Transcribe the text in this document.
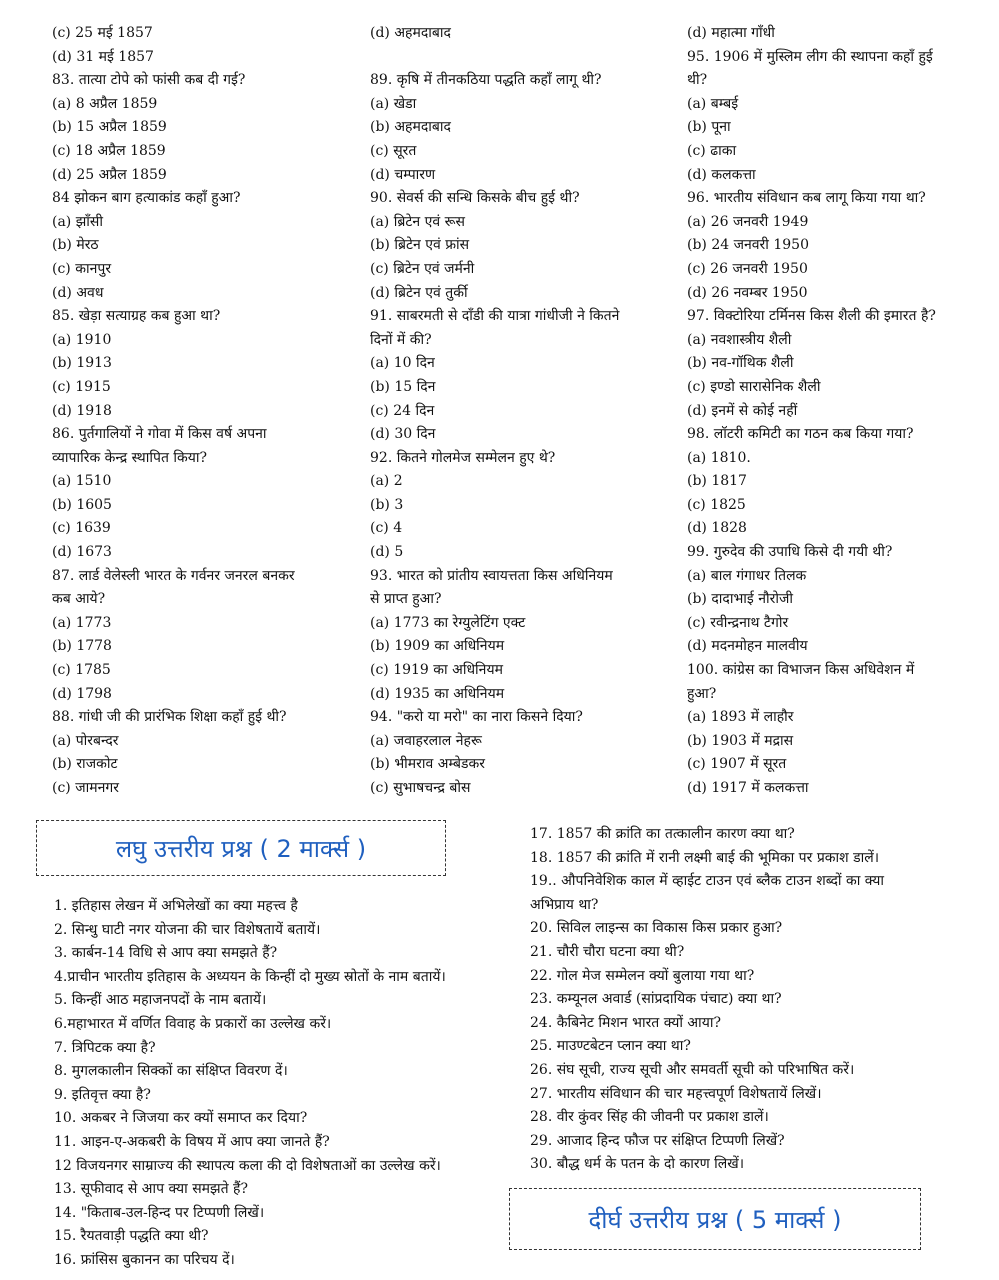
(c) 25 मई 1857
(d) 31 मई 1857
83. तात्या टोपे को फांसी कब दी गई?
(a) 8 अप्रैल 1859
(b) 15 अप्रैल 1859
(c) 18 अप्रैल 1859
(d) 25 अप्रैल 1859
84 झोकन बाग हत्याकांड कहाँ हुआ?
(a) झाँसी
(b) मेरठ
(c) कानपुर
(d) अवध
85. खेड़ा सत्याग्रह कब हुआ था?
(a) 1910
(b) 1913
(c) 1915
(d) 1918
86. पुर्तगालियों ने गोवा में किस वर्ष अपना
व्यापारिक केन्द्र स्थापित किया?
(a) 1510
(b) 1605
(c) 1639
(d) 1673
87. लार्ड वेलेस्ली भारत के गर्वनर जनरल बनकर
कब आये?
(a) 1773
(b) 1778
(c) 1785
(d) 1798
88. गांधी जी की प्रारंभिक शिक्षा कहाँ हुई थी?
(a) पोरबन्दर
(b) राजकोट
(c) जामनगर
(d) अहमदाबाद

89. कृषि में तीनकठिया पद्धति कहाँ लागू थी?
(a) खेडा
(b) अहमदाबाद
(c) सूरत
(d) चम्पारण
90. सेवर्स की सन्धि किसके बीच हुई थी?
(a) ब्रिटेन एवं रूस
(b) ब्रिटेन एवं फ्रांस
(c) ब्रिटेन एवं जर्मनी
(d) ब्रिटेन एवं तुर्की
91. साबरमती से दाँडी की यात्रा गांधीजी ने कितने
दिनों में की?
(a) 10 दिन
(b) 15 दिन
(c) 24 दिन
(d) 30 दिन
92. कितने गोलमेज सम्मेलन हुए थे?
(a) 2
(b) 3
(c) 4
(d) 5
93. भारत को प्रांतीय स्वायत्तता किस अधिनियम
से प्राप्त हुआ?
(a) 1773 का रेग्युलेटिंग एक्ट
(b) 1909 का अधिनियम
(c) 1919 का अधिनियम
(d) 1935 का अधिनियम
94. "करो या मरो" का नारा किसने दिया?
(a) जवाहरलाल नेहरू
(b) भीमराव अम्बेडकर
(c) सुभाषचन्द्र बोस
(d) महात्मा गाँधी
95. 1906 में मुस्लिम लीग की स्थापना कहाँ हुई
थी?
(a) बम्बई
(b) पूना
(c) ढाका
(d) कलकत्ता
96. भारतीय संविधान कब लागू किया गया था?
(a) 26 जनवरी 1949
(b) 24 जनवरी 1950
(c) 26 जनवरी 1950
(d) 26 नवम्बर 1950
97. विक्टोरिया टर्मिनस किस शैली की इमारत है?
(a) नवशास्त्रीय शैली
(b) नव-गॉथिक शैली
(c) इण्डो सारासेनिक शैली
(d) इनमें से कोई नहीं
98. लॉटरी कमिटी का गठन कब किया गया?
(a) 1810.
(b) 1817
(c) 1825
(d) 1828
99. गुरुदेव की उपाधि किसे दी गयी थी?
(a) बाल गंगाधर तिलक
(b) दादाभाई नौरोजी
(c) रवीन्द्रनाथ टैगोर
(d) मदनमोहन मालवीय
100. कांग्रेस का विभाजन किस अधिवेशन में
हुआ?
(a) 1893 में लाहौर
(b) 1903 में मद्रास
(c) 1907 में सूरत
(d) 1917 में कलकत्ता
लघु उत्तरीय प्रश्न ( 2 मार्क्स )
1. इतिहास लेखन में अभिलेखों का क्या महत्त्व है
2. सिन्धु घाटी नगर योजना की चार विशेषतायें बतायें।
3. कार्बन-14 विधि से आप क्या समझते हैं?
4.प्राचीन भारतीय इतिहास के अध्ययन के किन्हीं दो मुख्य स्रोतों के नाम बतायें।
5. किन्हीं आठ महाजनपदों के नाम बतायें।
6.महाभारत में वर्णित विवाह के प्रकारों का उल्लेख करें।
7. त्रिपिटक क्या है?
8. मुगलकालीन सिक्कों का संक्षिप्त विवरण दें।
9. इतिवृत्त क्या है?
10. अकबर ने जिजया कर क्यों समाप्त कर दिया?
11. आइन-ए-अकबरी के विषय में आप क्या जानते हैं?
12 विजयनगर साम्राज्य की स्थापत्य कला की दो विशेषताओं का उल्लेख करें।
13. सूफीवाद से आप क्या समझते हैं?
14. "किताब-उल-हिन्द पर टिप्पणी लिखें।
15. रैयतवाड़ी पद्धति क्या थी?
16. फ्रांसिस बुकानन का परिचय दें।
17. 1857 की क्रांति का तत्कालीन कारण क्या था?
18. 1857 की क्रांति में रानी लक्ष्मी बाई की भूमिका पर प्रकाश डालें।
19.. औपनिवेशिक काल में व्हाईट टाउन एवं ब्लैक टाउन शब्दों का क्या
अभिप्राय था?
20. सिविल लाइन्स का विकास किस प्रकार हुआ?
21. चौरी चौरा घटना क्या थी?
22. गोल मेज सम्मेलन क्यों बुलाया गया था?
23. कम्यूनल अवार्ड (सांप्रदायिक पंचाट) क्या था?
24. कैबिनेट मिशन भारत क्यों आया?
25. माउण्टबेटन प्लान क्या था?
26. संघ सूची, राज्य सूची और समवर्ती सूची को परिभाषित करें।
27. भारतीय संविधान की चार महत्त्वपूर्ण विशेषतायें लिखें।
28. वीर कुंवर सिंह की जीवनी पर प्रकाश डालें।
29. आजाद हिन्द फौज पर संक्षिप्त टिप्पणी लिखें?
30. बौद्ध धर्म के पतन के दो कारण लिखें।
दीर्घ उत्तरीय प्रश्न ( 5 मार्क्स )
